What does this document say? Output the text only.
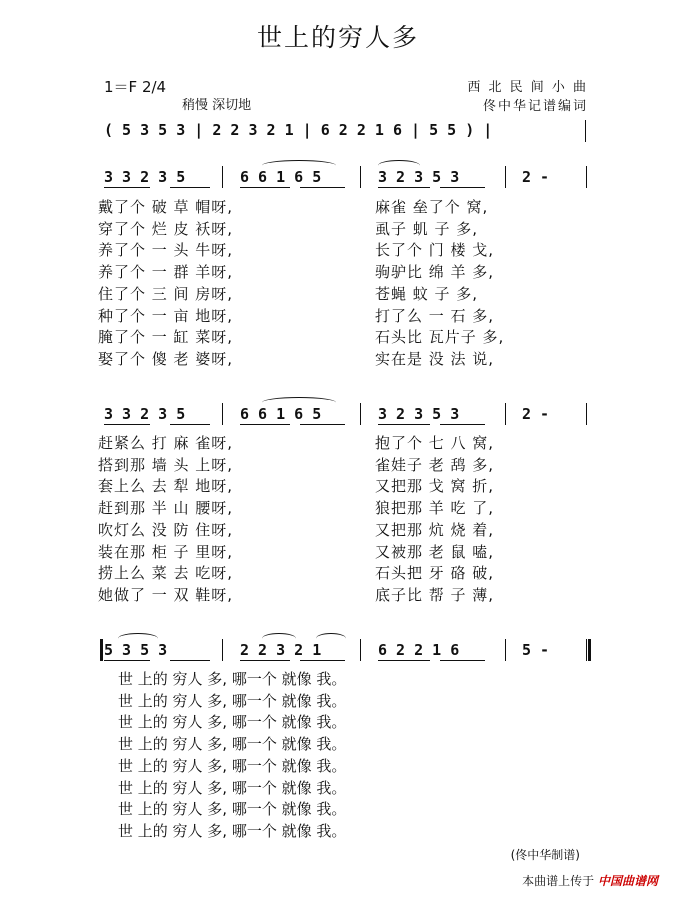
世上的穷人多
1＝F 2/4
稍慢 深切地
西 北 民 间 小 曲
佟中华记谱编词
( 5 3 5 3 | 2 2 3 2 1 | 6 2 2 1 6 | 5 5 ) |
(佟中华制谱)
本曲谱上传于 中国曲谱网
3 3 2 3 5	6 6 1 6 5	3 2 3 5 3	2 -
戴了个 破 草 帽呀,	麻雀 垒了个 窝,
穿了个 烂 皮 袄呀,	虱子 虮 子 多,
养了个 一 头 牛呀,	长了个 门 楼 戈,
养了个 一 群 羊呀,	驹驴比 绵 羊 多,
住了个 三 间 房呀,	苍蝇 蚊 子 多,
种了个 一 亩 地呀,	打了么 一 石 多,
腌了个 一 缸 菜呀,	石头比 瓦片子 多,
娶了个 傻 老 婆呀,	实在是 没 法 说,
3 3 2 3 5	6 6 1 6 5	3 2 3 5 3	2 -
赶紧么 打 麻 雀呀,	抱了个 七 八 窝,
搭到那 墙 头 上呀,	雀娃子 老 鸹 多,
套上么 去 犁 地呀,	又把那 戈 窝 折,
赶到那 半 山 腰呀,	狼把那 羊 吃 了,
吹灯么 没 防 住呀,	又把那 炕 烧 着,
装在那 柜 子 里呀,	又被那 老 鼠 嗑,
捞上么 菜 去 吃呀,	石头把 牙 硌 破,
她做了 一 双 鞋呀,	底子比 帮 子 薄,
5 3 5 3	2 2 3 2 1	6 2 2 1 6	5 -
世 上的 穷人 多, 哪一个 就像 我。
世 上的 穷人 多, 哪一个 就像 我。
世 上的 穷人 多, 哪一个 就像 我。
世 上的 穷人 多, 哪一个 就像 我。
世 上的 穷人 多, 哪一个 就像 我。
世 上的 穷人 多, 哪一个 就像 我。
世 上的 穷人 多, 哪一个 就像 我。
世 上的 穷人 多, 哪一个 就像 我。
